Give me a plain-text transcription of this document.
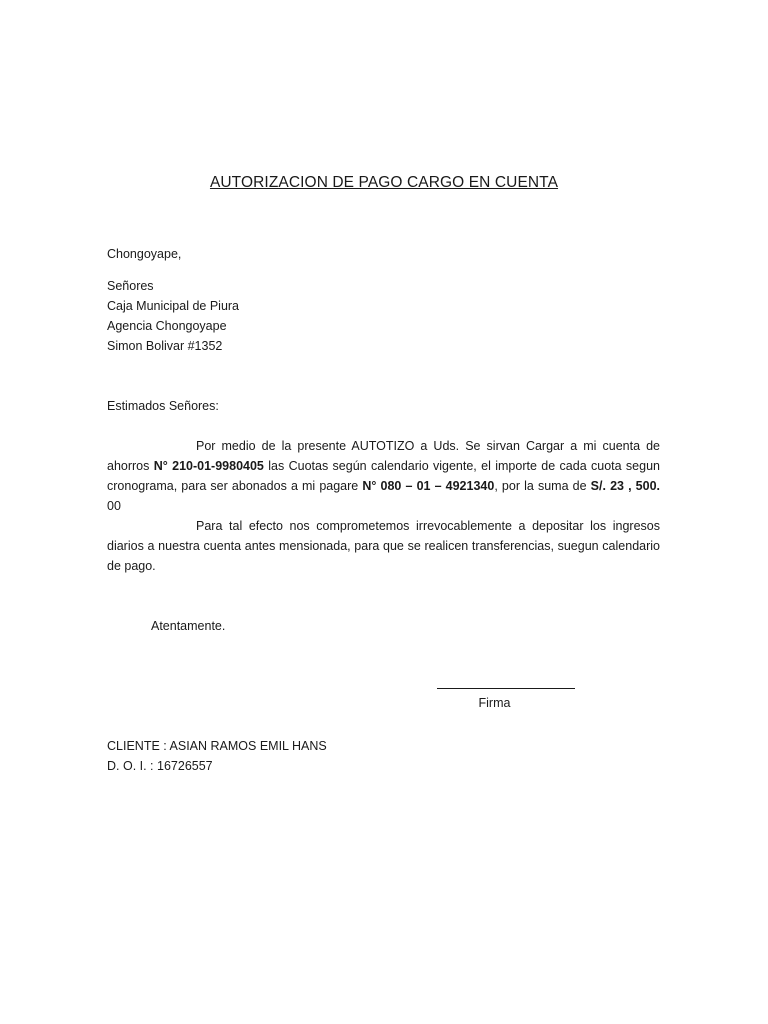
AUTORIZACION DE PAGO CARGO EN CUENTA
Chongoyape,
Señores
Caja Municipal de Piura
Agencia Chongoyape
Simon Bolivar #1352
Estimados Señores:
Por medio de la presente AUTOTIZO a Uds. Se sirvan Cargar a mi cuenta de ahorros N° 210-01-9980405 las Cuotas según calendario vigente, el importe de cada cuota segun cronograma, para ser abonados a mi pagare N° 080 – 01 – 4921340, por la suma de S/. 23 , 500. 00
Para tal efecto nos comprometemos irrevocablemente a depositar los ingresos diarios a nuestra cuenta antes mensionada, para que se realicen transferencias, suegun calendario de pago.
Atentamente.
Firma
CLIENTE : ASIAN RAMOS EMIL HANS
D. O. I. : 16726557
